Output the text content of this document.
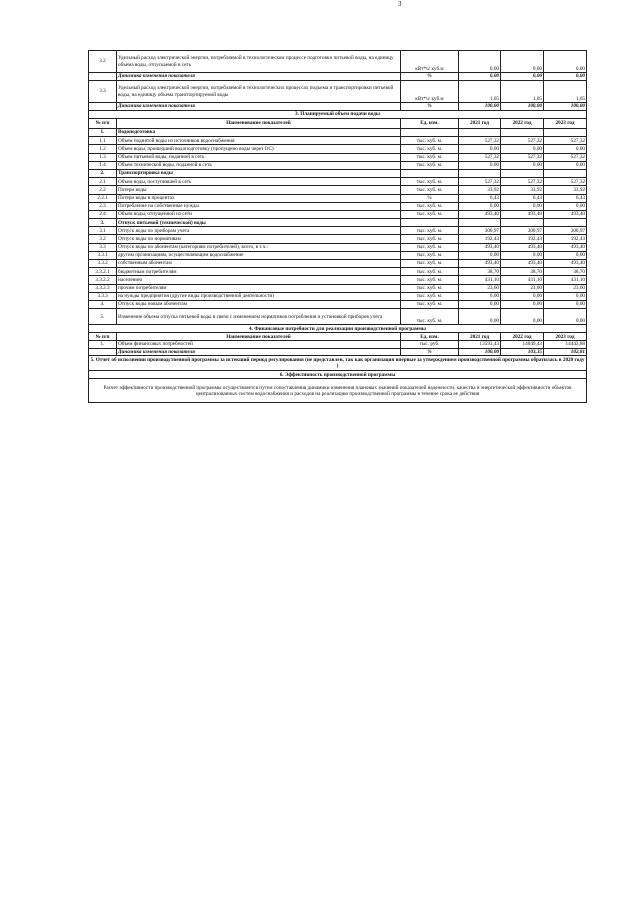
3
3.2	Удельный расход электрической энергии, потребляемой в технологическом процессе подготовки питьевой воды, на единицу объема воды, отпускаемой в сеть	кВт*ч/ куб.м	0,00	0,00	0,00
	Динамика изменения показателя	%	0,00	0,00	0,00
3.3	Удельный расход электрической энергии, потребляемой в технологических процессах подъема и транспортировки питьевой воды, на единицу объема транспортируемой воды	кВт*ч/ куб.м	1,05	1,05	1,05
	Динамика изменения показателя	%	100,00	100,00	100,00
3. Планируемый объем подачи воды					
№ п/п	Наименование показателей	Ед. изм.	2021 год	2022 год	2023 год
1.	Водоподготовка				
1.1	Объем поднятой воды из источников водоснабжения	тыс. куб. м.	527,32	527,32	527,32
1.2	Объем воды, прошедший водоподготовку (пропущено воды через ОС)	тыс. куб. м.	0,00	0,00	0,00
1.3	Объем питьевой воды, поданной в сеть	тыс. куб. м.	527,32	527,32	527,32
1.4	Объем технической воды, поданной в сеть	тыс. куб. м.	0,00	0,00	0,00
2.	Транспортировка воды				
2.1	Объем воды, поступившей в сеть	тыс. куб. м.	527,32	527,32	527,32
2.2	Потери воды	тыс. куб. м.	33,92	33,92	33,92
2.2.1	Потери воды в процентах	%	6,43	6,43	6,43
2.3	Потребление на собственные нужды	тыс. куб. м.	0,00	0,00	0,00
2.4	Объем воды, отпущенной из сети	тыс. куб. м.	493,40	493,40	493,40
3.	Отпуск питьевой (технической) воды				
3.1	Отпуск воды по приборам учета	тыс. куб. м.	300,97	300,97	300,97
3.2	Отпуск воды по нормативам	тыс. куб. м.	192,43	192,43	192,43
3.3	Отпуск воды по абонентам (категориям потребителей), всего, в т.ч.:	тыс. куб. м.	493,40	493,40	493,40
3.3.1	другим организациям, осуществляющим водоснабжение	тыс. куб. м.	0,00	0,00	0,00
3.3.2	собственным абонентам	тыс. куб. м.	493,40	493,40	493,40
3.3.2.1	бюджетным потребителям	тыс. куб. м.	38,70	38,70	38,70
3.3.2.2	населению	тыс. куб. м.	431,10	431,10	431,10
3.3.2.3	прочим потребителям	тыс. куб. м.	23,60	23,60	23,60
3.3.3	на нужды предприятия (другие виды производственной деятельности)	тыс. куб. м.	0,00	0,00	0,00
4.	Отпуск воды новым абонентам	тыс. куб. м.	0,00	0,00	0,00
5.	Изменение объема отпуска питьевой воды в связи с изменением нормативов потребления и установкой приборов учета	тыс. куб. м.	0,00	0,00	0,00
4. Финансовые потребности для реализации производственной программы					
№ п/п	Наименование показателей	Ед. изм.	2021 год	2022 год	2023 год
1.	Объем финансовых потребностей	тыс. руб.	13593,43	14049,43	14443,88
	Динамика изменения показателя	%	100,00	103,35	102,81
5. Отчет об исполнении производственной программы за истекший период регулирования (не представлен, так как организация впервые за утверждением производственной программы обратилась в 2020 году )					
6. Эффективность производственной программы					
Расчет эффективности производственной программы осуществляется путем сопоставления динамики изменения плановых значений показателей надежности, качества и энергетической эффективности объектов централизованных систем водоснабжения и расходов на реализацию производственной программы в течение срока ее действия					
